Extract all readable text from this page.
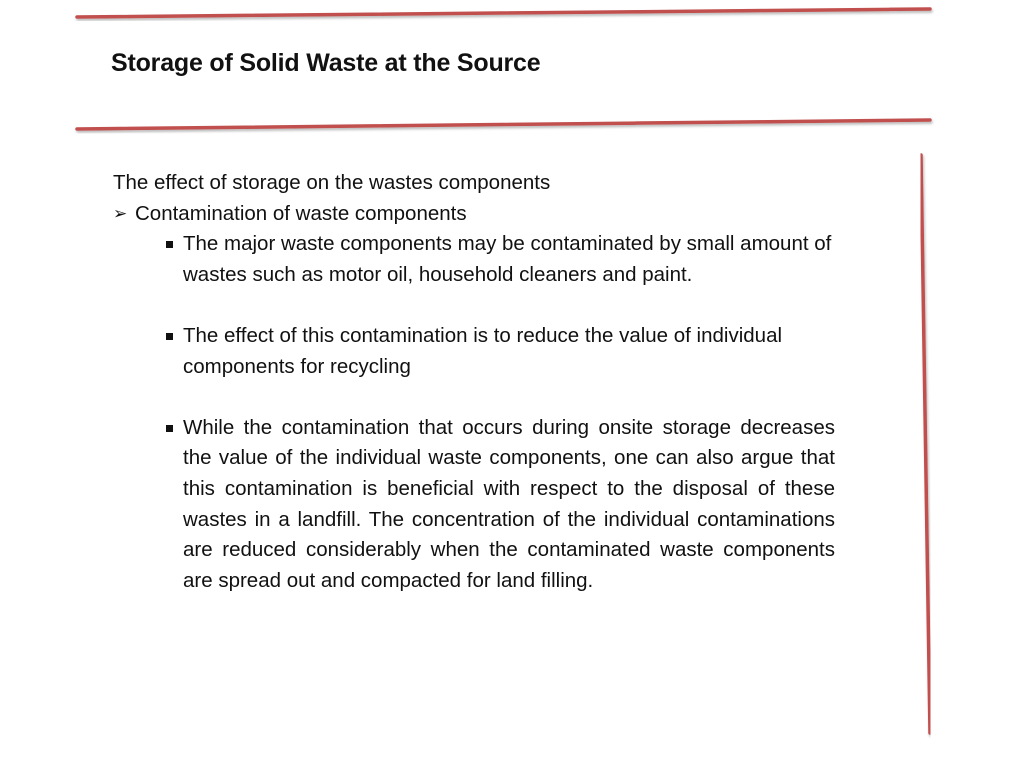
Storage of Solid Waste at the Source

The effect of storage on the wastes components

➢ Contamination of waste components

The major waste components may be contaminated by small amount of wastes such as motor oil, household cleaners and paint.
The effect of this contamination is to reduce the value of individual components for recycling
While the contamination that occurs during onsite storage decreases the value of the individual waste components, one can also argue that this contamination is beneficial with respect to the disposal of these wastes in a landfill. The concentration of the individual contaminations are reduced considerably when the contaminated waste components are spread out and compacted for land filling.
